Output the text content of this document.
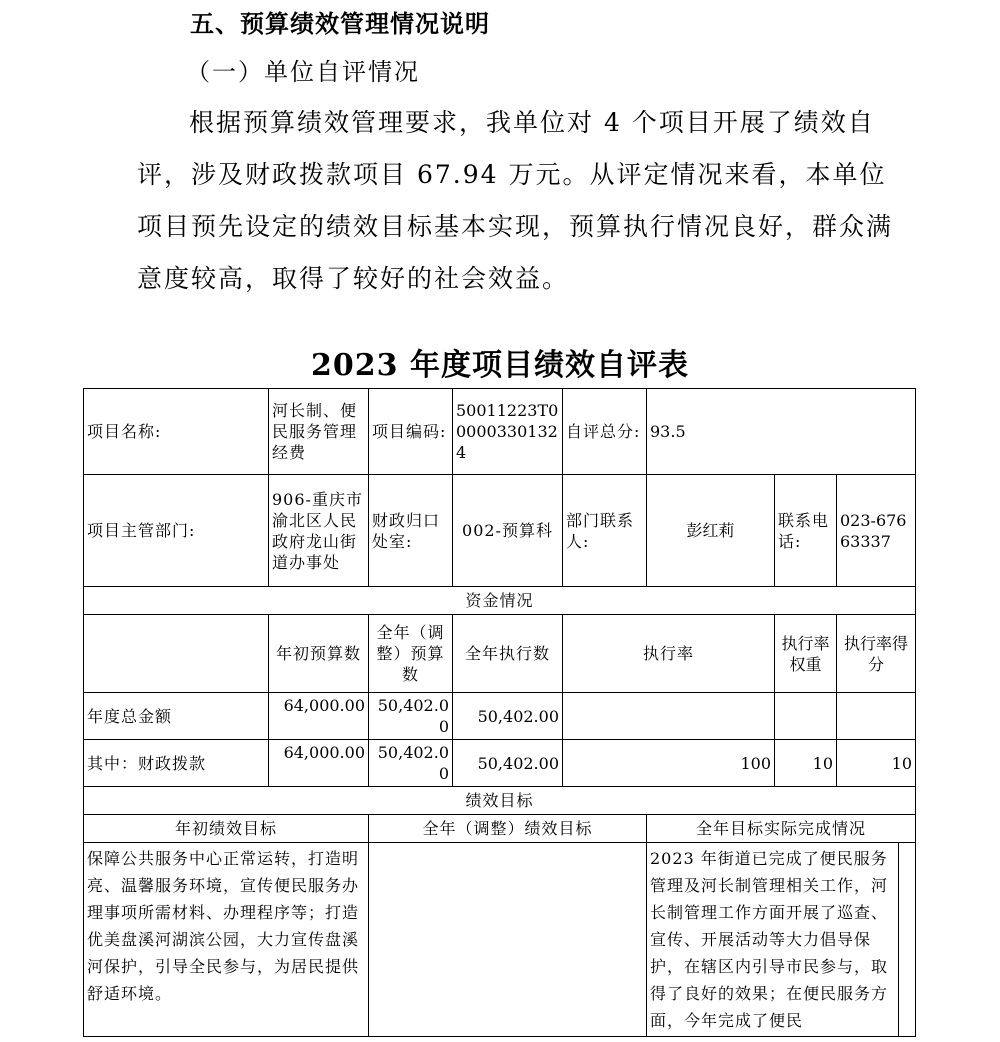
五、预算绩效管理情况说明
（一）单位自评情况
根据预算绩效管理要求，我单位对 4 个项目开展了绩效自评，涉及财政拨款项目 67.94 万元。从评定情况来看，本单位项目预先设定的绩效目标基本实现，预算执行情况良好，群众满意度较高，取得了较好的社会效益。
2023 年度项目绩效自评表
项目名称:	河长制、便民服务管理经费	项目编码:	50011223T000003301324	自评总分:	93.5			
项目主管部门:	906-重庆市渝北区人民政府龙山街道办事处	财政归口处室:	002-预算科	部门联系人:	彭红莉	联系电话:	023-67663337	
资金情况								
	年初预算数	全年（调整）预算数	全年执行数	执行率		执行率权重	执行率得分	
年度总金额	64,000.00	50,402.00	50,402.00					
其中：财政拨款	64,000.00	50,402.00	50,402.00	100		10	10	
绩效目标								
年初绩效目标		全年（调整）绩效目标			全年目标实际完成情况			
保障公共服务中心正常运转，打造明亮、温馨服务环境，宣传便民服务办理事项所需材料、办理程序等；打造优美盘溪河湖滨公园，大力宣传盘溪河保护，引导全民参与，为居民提供舒适环境。					2023 年街道已完成了便民服务管理及河长制管理相关工作，河长制管理工作方面开展了巡查、宣传、开展活动等大力倡导保护，在辖区内引导市民参与，取得了良好的效果；在便民服务方面，今年完成了便民			
